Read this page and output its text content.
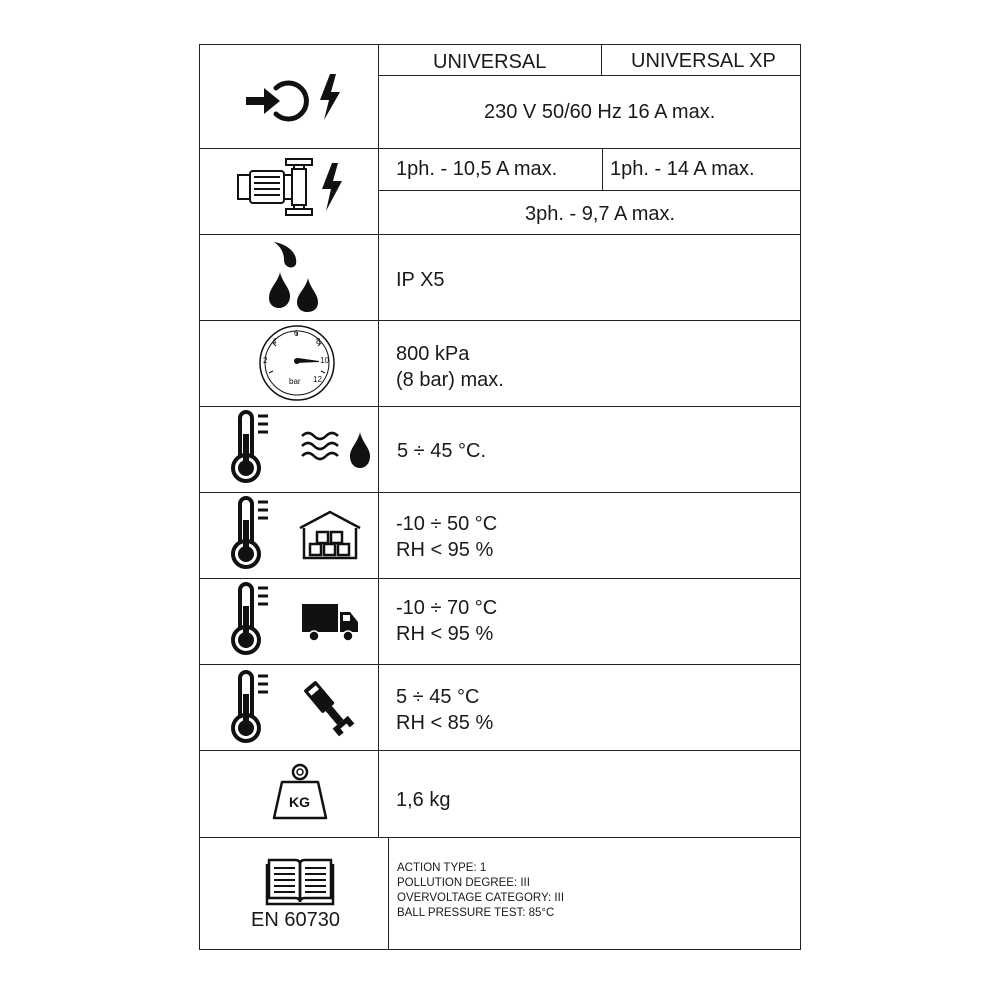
UNIVERSAL	UNIVERSAL XP
230 V 50/60 Hz 16 A max.
1ph. - 10,5 A max.	1ph. - 14 A max.
3ph. - 9,7 A max.
IP X5
2
4
6
8
10
12
bar
800 kPa
(8 bar) max.
5 ÷ 45 °C.
-10 ÷ 50 °C
RH < 95 %
-10 ÷ 70 °C
RH < 95 %
5 ÷ 45 °C
RH < 85 %
KG	1,6 kg
EN 60730
ACTION TYPE: 1
POLLUTION DEGREE: III
OVERVOLTAGE CATEGORY: III
BALL PRESSURE TEST: 85°C
